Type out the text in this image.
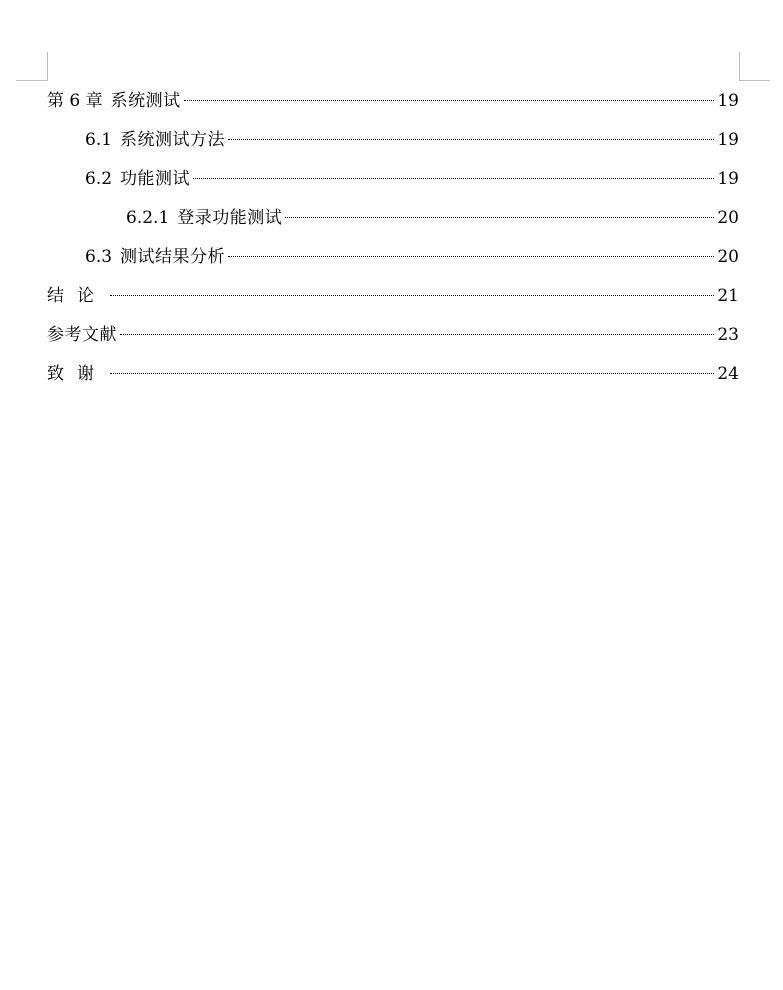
第 6 章 系统测试	19
6.1 系统测试方法	19
6.2 功能测试	19
6.2.1 登录功能测试	20
6.3 测试结果分析	20
结论	21
参考文献	23
致谢	24
